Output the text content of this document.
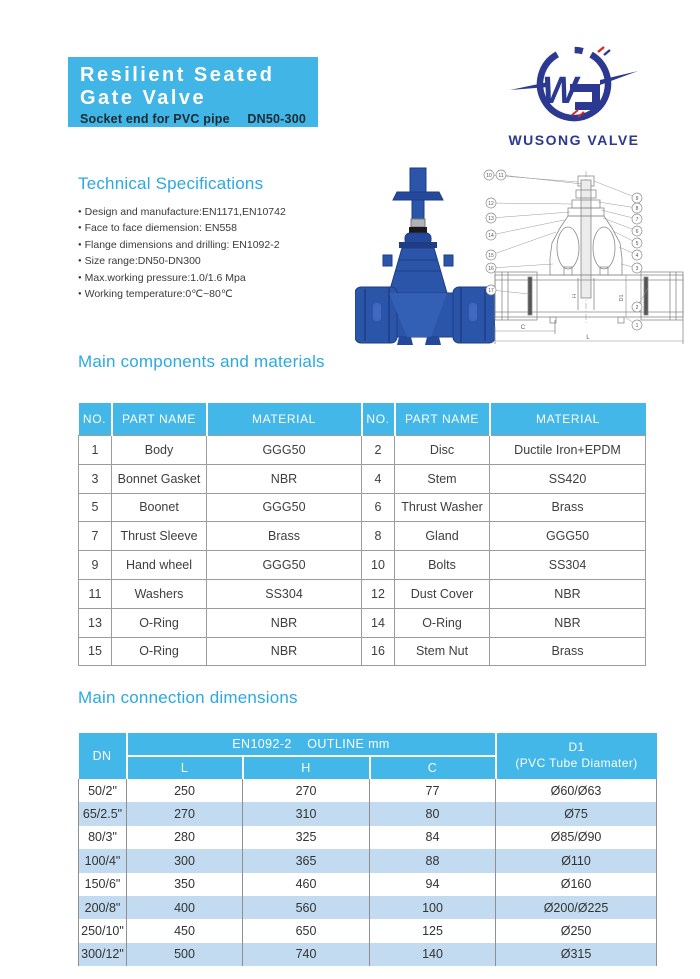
Resilient Seated
Gate Valve
Socket end for PVC pipe DN50-300
W
WUSONG VALVE
Technical Specifications
● Design and manufacture:EN1171,EN10742
● Face to face diemension: EN558
● Flange dimensions and drilling: EN1092-2
● Size range:DN50-DN300
● Max.working pressure:1.0/1.6 Mpa
● Working temperature:0℃~80℃
C
L
D1
H
10 11
12
13
14
15
16
17
9
8
7
6
5
4
3
2
1
Main components and materials
NO.	PART NAME	MATERIAL	NO.	PART NAME	MATERIAL
1	Body	GGG50	2	Disc	Ductile Iron+EPDM
3	Bonnet Gasket	NBR	4	Stem	SS420
5	Boonet	GGG50	6	Thrust Washer	Brass
7	Thrust Sleeve	Brass	8	Gland	GGG50
9	Hand wheel	GGG50	10	Bolts	SS304
11	Washers	SS304	12	Dust Cover	NBR
13	O-Ring	NBR	14	O-Ring	NBR
15	O-Ring	NBR	16	Stem Nut	Brass
Main connection dimensions
DN	EN1092-2    OUTLINE mm			D1
(PVC Tube Diamater)

	L	H	C	
50/2"	250	270	77	Ø60/Ø63
65/2.5"	270	310	80	Ø75
80/3"	280	325	84	Ø85/Ø90
100/4"	300	365	88	Ø110
150/6"	350	460	94	Ø160
200/8"	400	560	100	Ø200/Ø225
250/10"	450	650	125	Ø250
300/12"	500	740	140	Ø315
